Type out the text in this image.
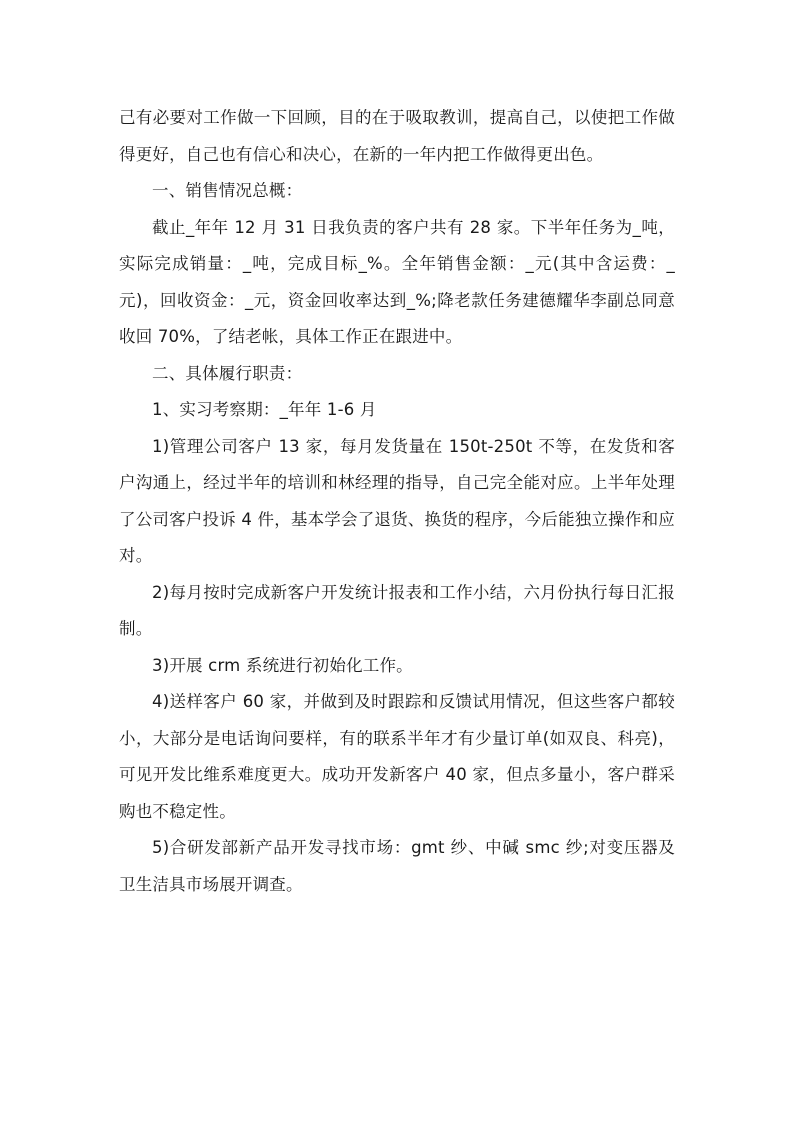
己有必要对工作做一下回顾，目的在于吸取教训，提高自己，以使把工作做得更好，自己也有信心和决心，在新的一年内把工作做得更出色。

一、销售情况总概：

截止_年年 12 月 31 日我负责的客户共有 28 家。下半年任务为_吨，实际完成销量：_吨，完成目标_%。全年销售金额：_元(其中含运费：_元)，回收资金：_元，资金回收率达到_%;降老款任务建德耀华李副总同意收回 70%，了结老帐，具体工作正在跟进中。

二、具体履行职责：

1、实习考察期：_年年 1-6 月

1)管理公司客户 13 家，每月发货量在 150t-250t 不等，在发货和客户沟通上，经过半年的培训和林经理的指导，自己完全能对应。上半年处理了公司客户投诉 4 件，基本学会了退货、换货的程序，今后能独立操作和应对。

2)每月按时完成新客户开发统计报表和工作小结，六月份执行每日汇报制。

3)开展 crm 系统进行初始化工作。

4)送样客户 60 家，并做到及时跟踪和反馈试用情况，但这些客户都较小，大部分是电话询问要样，有的联系半年才有少量订单(如双良、科亮)，可见开发比维系难度更大。成功开发新客户 40 家，但点多量小，客户群采购也不稳定性。

5)合研发部新产品开发寻找市场：gmt 纱、中碱 smc 纱;对变压器及卫生洁具市场展开调查。
